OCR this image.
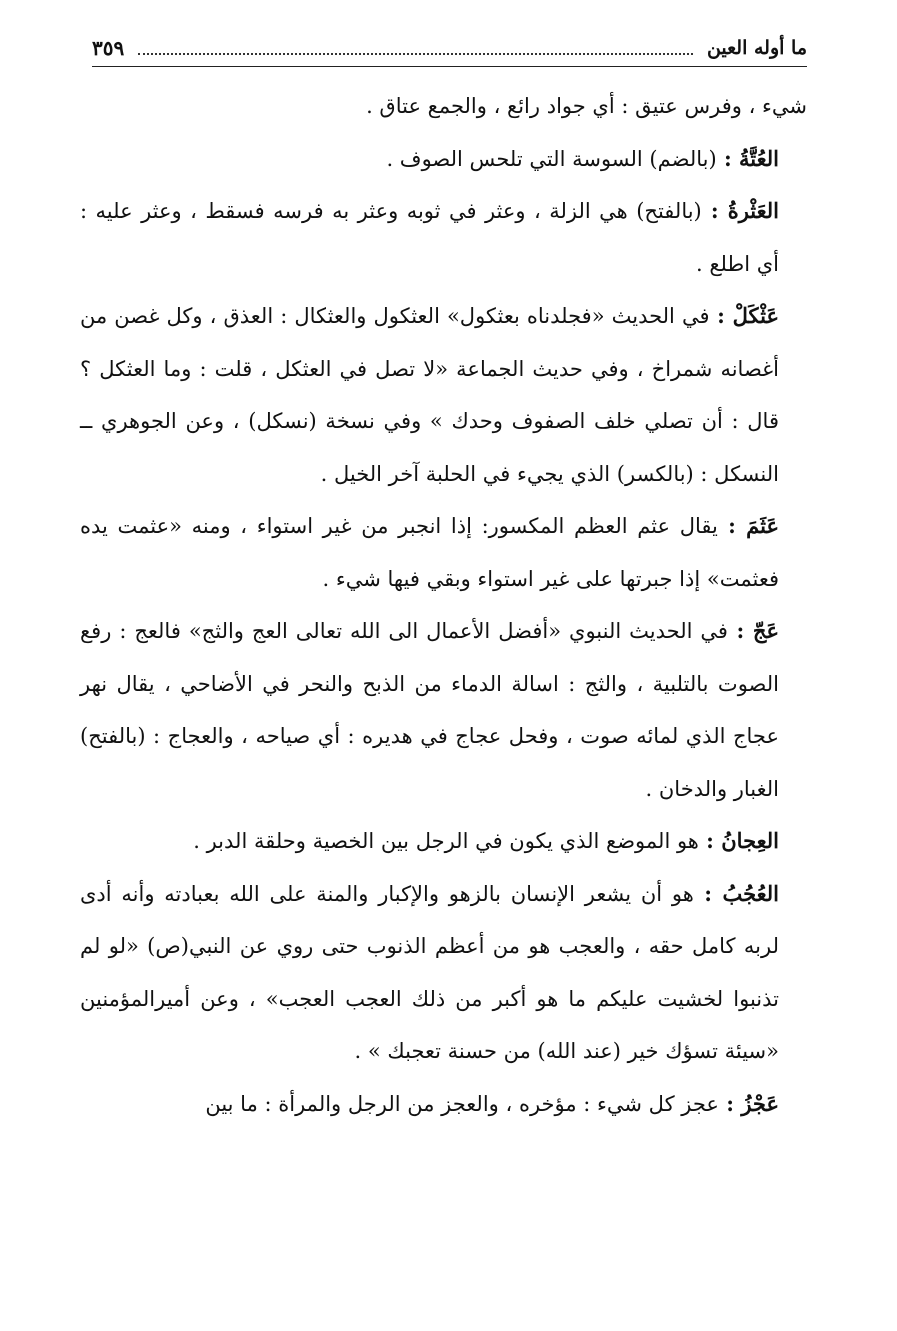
ما أوله العين
٣٥٩

شيء ، وفرس عتيق : أي جواد رائع ، والجمع عتاق .

العُتَّةُ : (بالضم) السوسة التي تلحس الصوف .

العَثْرةُ : (بالفتح) هي الزلة ، وعثر في ثوبه وعثر به فرسه فسقط ، وعثر عليه : أي اطلع .

عَثْكَلْ : في الحديث «فجلدناه بعثكول» العثكول والعثكال : العذق ، وكل غصن من أغصانه شمراخ ، وفي حديث الجماعة «لا تصل في العثكل ، قلت : وما العثكل ؟ قال : أن تصلي خلف الصفوف وحدك » وفي نسخة (نسكل) ، وعن الجوهري ــ النسكل : (بالكسر) الذي يجيء في الحلبة آخر الخيل .

عَثَمَ : يقال عثم العظم المكسور: إذا انجبر من غير استواء ، ومنه «عثمت يده فعثمت» إذا جبرتها على غير استواء وبقي فيها شيء .

عَجّ : في الحديث النبوي «أفضل الأعمال الى الله تعالى العج والثج» فالعج : رفع الصوت بالتلبية ، والثج : اسالة الدماء من الذبح والنحر في الأضاحي ، يقال نهر عجاج الذي لمائه صوت ، وفحل عجاج في هديره : أي صياحه ، والعجاج : (بالفتح) الغبار والدخان .

العِجانُ : هو الموضع الذي يكون في الرجل بين الخصية وحلقة الدبر .

العُجُبُ : هو أن يشعر الإنسان بالزهو والإكبار والمنة على الله بعبادته وأنه أدى لربه كامل حقه ، والعجب هو من أعظم الذنوب حتى روي عن النبي(ص) «لو لم تذنبوا لخشيت عليكم ما هو أكبر من ذلك العجب العجب» ، وعن أميرالمؤمنين «سيئة تسؤك خير (عند الله) من حسنة تعجبك » .

عَجْزُ : عجز كل شيء : مؤخره ، والعجز من الرجل والمرأة : ما بين
